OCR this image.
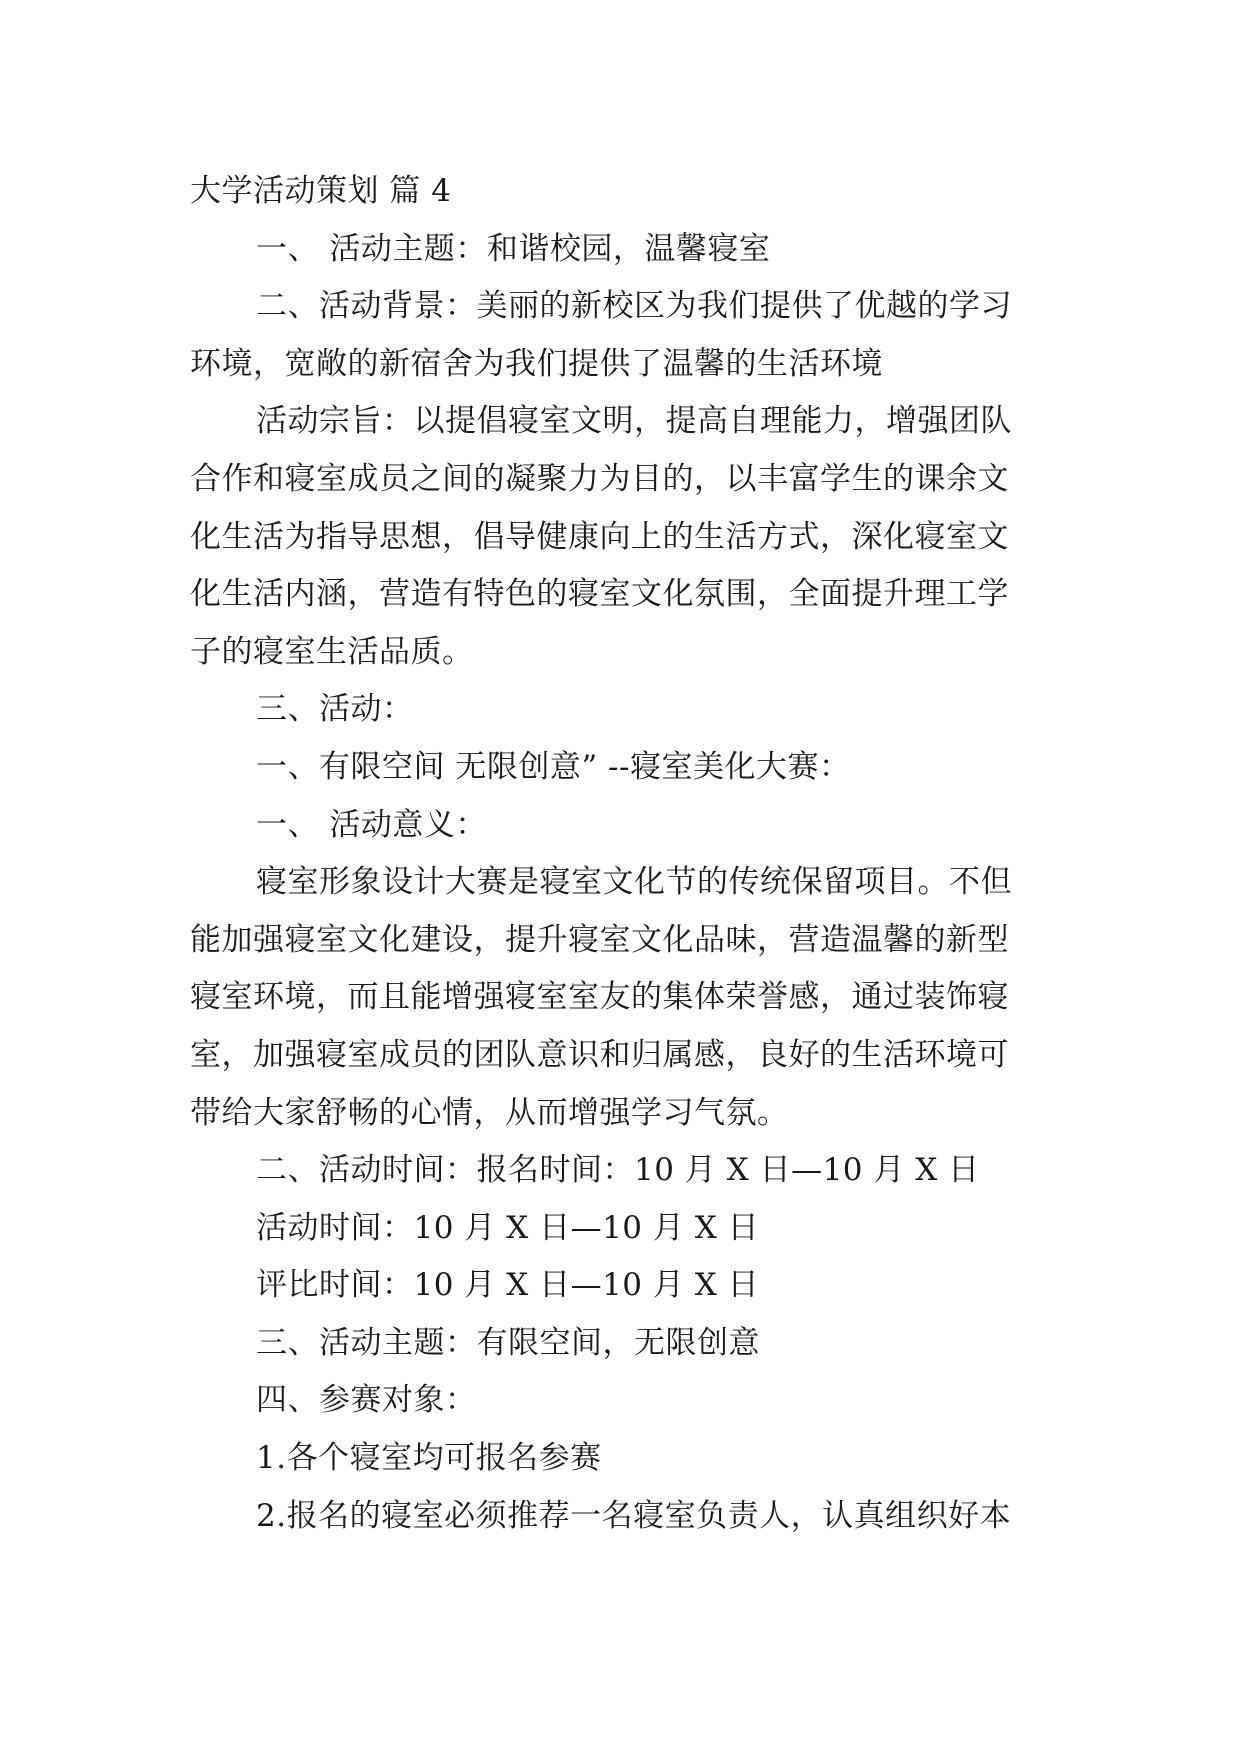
大学活动策划 篇 4
一、 活动主题：和谐校园，温馨寝室
二、活动背景：美丽的新校区为我们提供了优越的学习
环境，宽敞的新宿舍为我们提供了温馨的生活环境
活动宗旨：以提倡寝室文明，提高自理能力，增强团队
合作和寝室成员之间的凝聚力为目的，以丰富学生的课余文
化生活为指导思想，倡导健康向上的生活方式，深化寝室文
化生活内涵，营造有特色的寝室文化氛围，全面提升理工学
子的寝室生活品质。
三、活动：
一、有限空间 无限创意” --寝室美化大赛：
一、 活动意义：
寝室形象设计大赛是寝室文化节的传统保留项目。不但
能加强寝室文化建设，提升寝室文化品味，营造温馨的新型
寝室环境，而且能增强寝室室友的集体荣誉感，通过装饰寝
室，加强寝室成员的团队意识和归属感，良好的生活环境可
带给大家舒畅的心情，从而增强学习气氛。
二、活动时间：报名时间：10 月 X 日—10 月 X 日
活动时间：10 月 X 日—10 月 X 日
评比时间：10 月 X 日—10 月 X 日
三、活动主题：有限空间，无限创意
四、参赛对象：
1.各个寝室均可报名参赛
2.报名的寝室必须推荐一名寝室负责人，认真组织好本
